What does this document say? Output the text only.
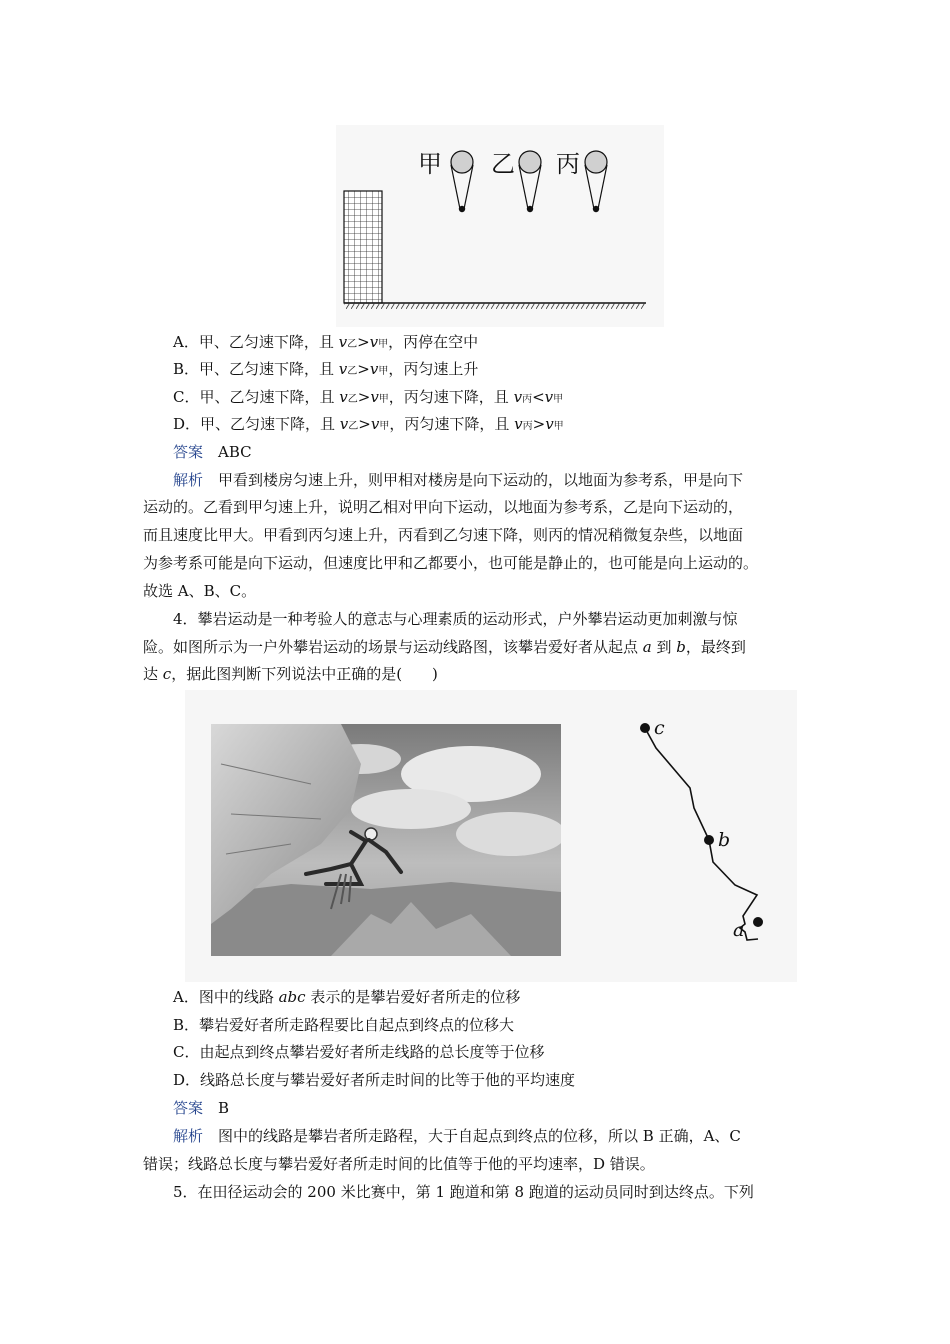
甲 乙 丙
A．甲、乙匀速下降，且 v乙>v甲，丙停在空中
B．甲、乙匀速下降，且 v乙>v甲，丙匀速上升
C．甲、乙匀速下降，且 v乙>v甲，丙匀速下降，且 v丙<v甲
D．甲、乙匀速下降，且 v乙>v甲，丙匀速下降，且 v丙>v甲
答案　 ABC
解析　 甲看到楼房匀速上升，则甲相对楼房是向下运动的，以地面为参考系，甲是向下
运动的。乙看到甲匀速上升，说明乙相对甲向下运动，以地面为参考系，乙是向下运动的，
而且速度比甲大。甲看到丙匀速上升，丙看到乙匀速下降，则丙的情况稍微复杂些，以地面
为参考系可能是向下运动，但速度比甲和乙都要小，也可能是静止的，也可能是向上运动的。
故选 A、B、C。
4．攀岩运动是一种考验人的意志与心理素质的运动形式，户外攀岩运动更加刺激与惊
险。如图所示为一户外攀岩运动的场景与运动线路图，该攀岩爱好者从起点 a 到 b，最终到
达 c，据此图判断下列说法中正确的是(　　)
c
b
a
A．图中的线路 abc 表示的是攀岩爱好者所走的位移
B．攀岩爱好者所走路程要比自起点到终点的位移大
C．由起点到终点攀岩爱好者所走线路的总长度等于位移
D．线路总长度与攀岩爱好者所走时间的比等于他的平均速度
答案　 B
解析　 图中的线路是攀岩者所走路程，大于自起点到终点的位移，所以 B 正确，A、C
错误；线路总长度与攀岩爱好者所走时间的比值等于他的平均速率，D 错误。
5．在田径运动会的 200 米比赛中，第 1 跑道和第 8 跑道的运动员同时到达终点。下列
